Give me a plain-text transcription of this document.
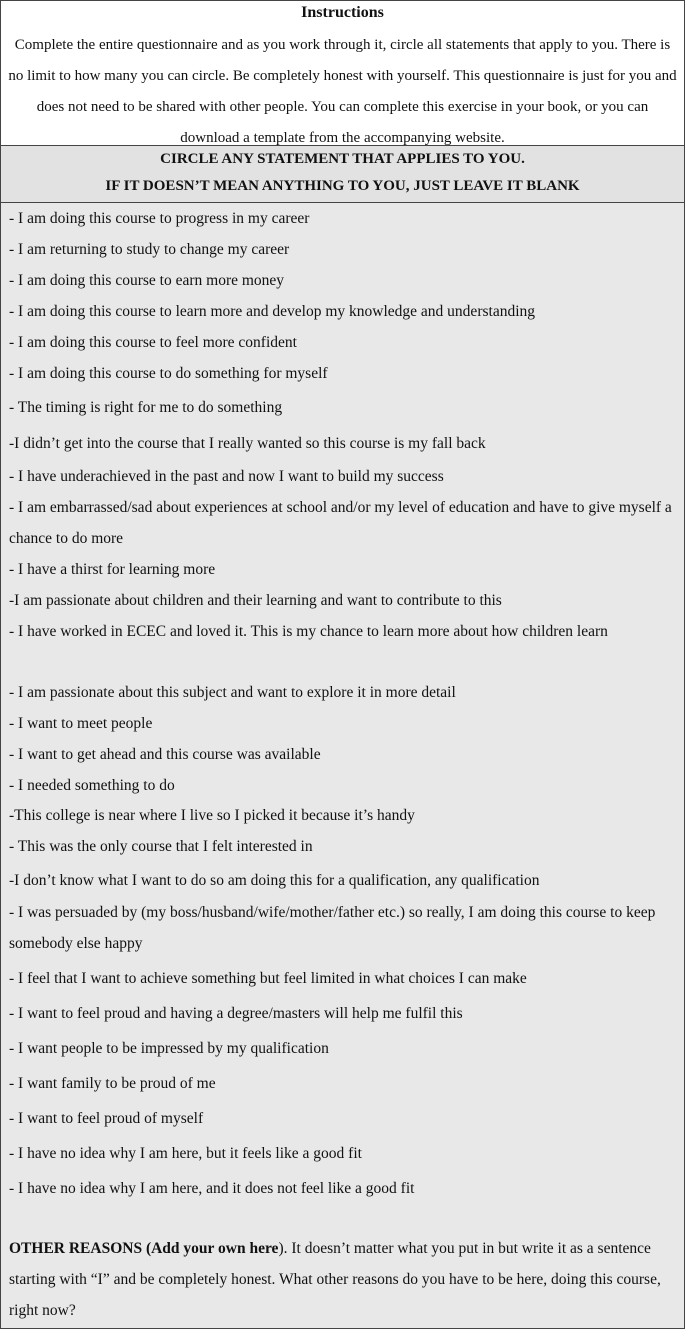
Instructions
Complete the entire questionnaire and as you work through it, circle all statements that apply to you. There is no limit to how many you can circle. Be completely honest with yourself. This questionnaire is just for you and does not need to be shared with other people. You can complete this exercise in your book, or you can download a template from the accompanying website.
CIRCLE ANY STATEMENT THAT APPLIES TO YOU.
IF IT DOESN’T MEAN ANYTHING TO YOU, JUST LEAVE IT BLANK
- I am doing this course to progress in my career
- I am returning to study to change my career
- I am doing this course to earn more money
- I am doing this course to learn more and develop my knowledge and understanding
- I am doing this course to feel more confident
- I am doing this course to do something for myself
- The timing is right for me to do something
-I didn’t get into the course that I really wanted so this course is my fall back
- I have underachieved in the past and now I want to build my success
- I am embarrassed/sad about experiences at school and/or my level of education and have to give myself a chance to do more
- I have a thirst for learning more
-I am passionate about children and their learning and want to contribute to this
- I have worked in ECEC and loved it. This is my chance to learn more about how children learn
- I am passionate about this subject and want to explore it in more detail
- I want to meet people
- I want to get ahead and this course was available
- I needed something to do
-This college is near where I live so I picked it because it’s handy
- This was the only course that I felt interested in
-I don’t know what I want to do so am doing this for a qualification, any qualification
- I was persuaded by (my boss/husband/wife/mother/father etc.) so really, I am doing this course to keep somebody else happy
- I feel that I want to achieve something but feel limited in what choices I can make
- I want to feel proud and having a degree/masters will help me fulfil this
- I want people to be impressed by my qualification
- I want family to be proud of me
- I want to feel proud of myself
- I have no idea why I am here, but it feels like a good fit
- I have no idea why I am here, and it does not feel like a good fit
OTHER REASONS (Add your own here). It doesn’t matter what you put in but write it as a sentence starting with “I” and be completely honest. What other reasons do you have to be here, doing this course, right now?
